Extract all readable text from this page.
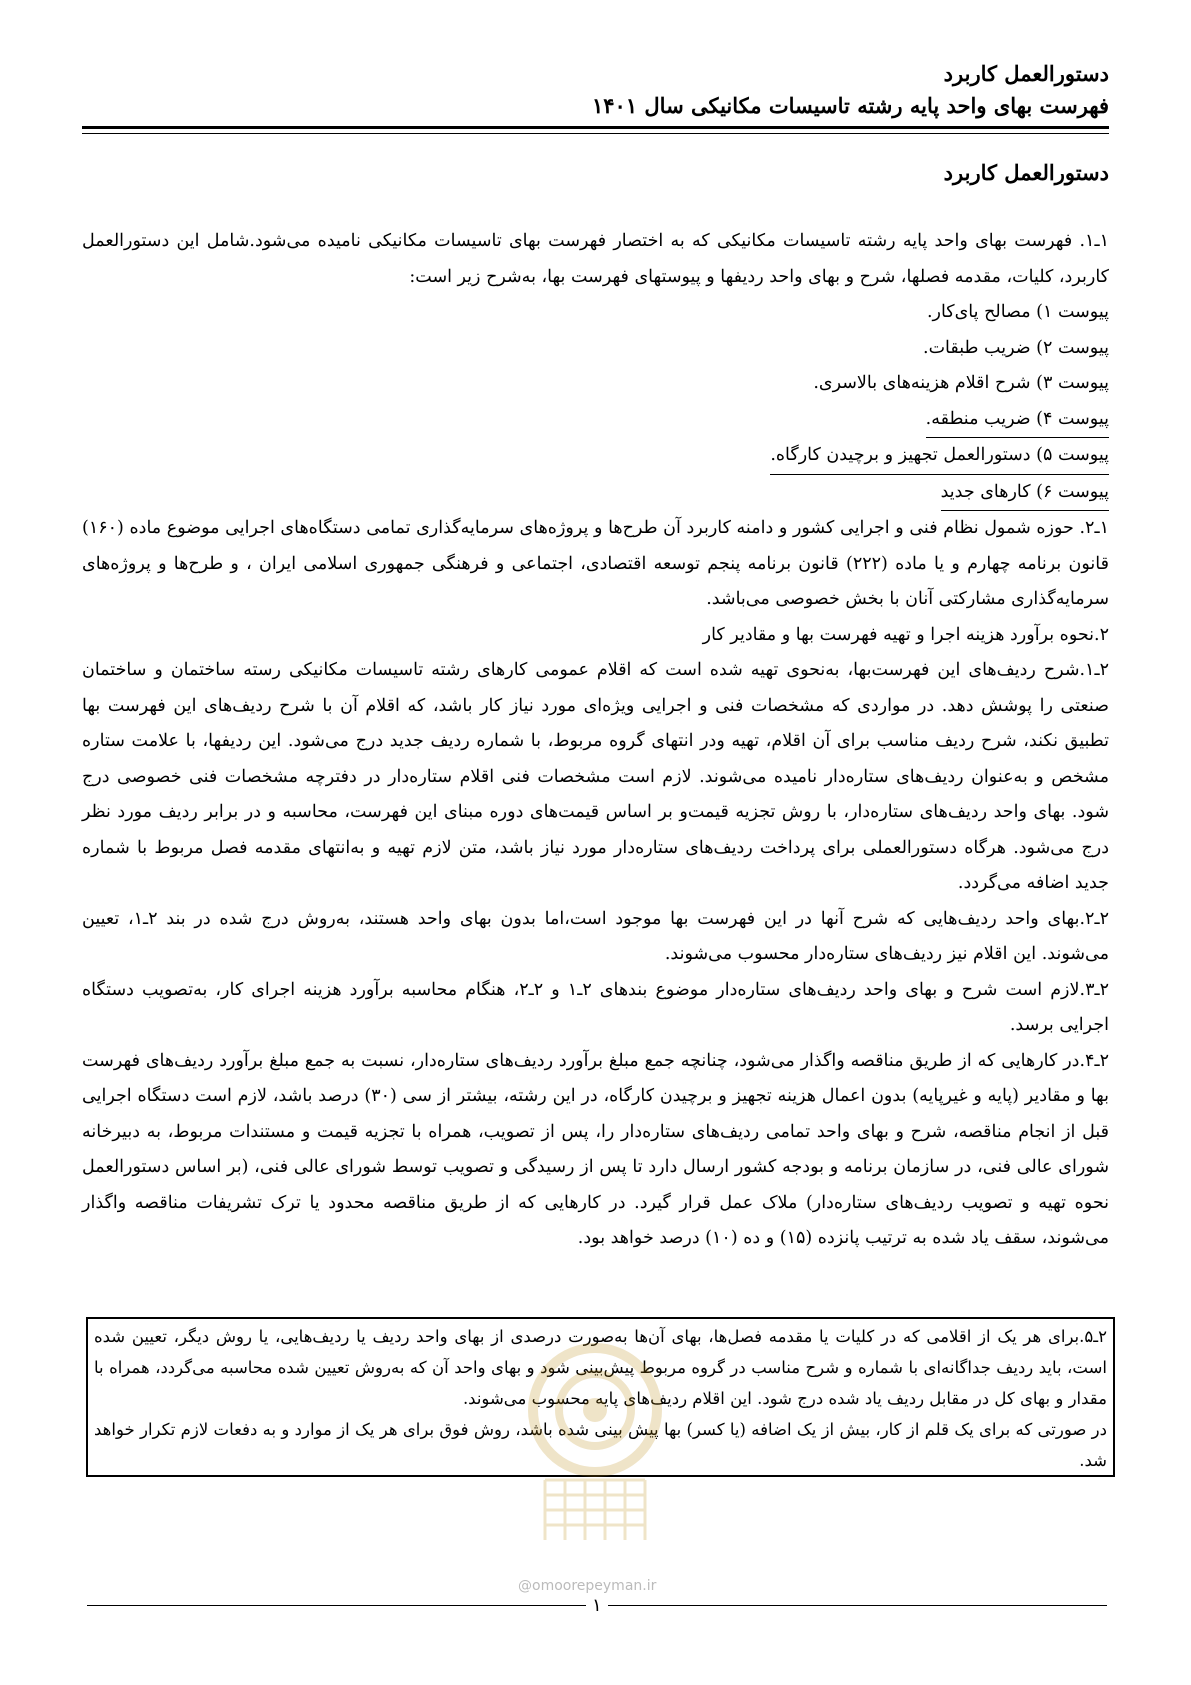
دستورالعمل کاربرد
فهرست بهای واحد پایه رشته تاسیسات مکانیکی سال ۱۴۰۱
دستورالعمل کاربرد

۱ـ۱. فهرست بهای واحد پایه رشته تاسیسات مکانیکی که به اختصار فهرست بهای تاسیسات مکانیکی نامیده می‌شود.شامل این دستورالعمل کاربرد، کلیات، مقدمه فصلها، شرح و بهای واحد ردیفها و پیوستهای فهرست بها، به‌شرح زیر است:

پیوست ۱) مصالح پای‌کار.
پیوست ۲) ضریب طبقات.
پیوست ۳) شرح اقلام هزینه‌های بالاسری.
پیوست ۴) ضریب منطقه.
پیوست ۵) دستورالعمل تجهیز و برچیدن کارگاه.
پیوست ۶) کارهای جدید

۱ـ۲. حوزه شمول نظام فنی و اجرایی کشور و دامنه کاربرد آن طرح‌ها و پروژه‌های سرمایه‌گذاری تمامی دستگاه‌های اجرایی موضوع ماده (۱۶۰) قانون برنامه چهارم و یا ماده (۲۲۲) قانون برنامه پنجم توسعه اقتصادی، اجتماعی و فرهنگی جمهوری اسلامی ایران ، و طرح‌ها و پروژه‌های سرمایه‌گذاری مشارکتی آنان با بخش خصوصی می‌باشد.

۲.نحوه برآورد هزینه اجرا و تهیه فهرست بها و مقادیر کار

۲ـ۱.شرح ردیف‌های این فهرست‌بها، به‌نحوی تهیه شده است که اقلام عمومی کارهای رشته تاسیسات مکانیکی رسته ساختمان و ساختمان صنعتی را پوشش دهد. در مواردی که مشخصات فنی و اجرایی ویژه‌ای مورد نیاز کار باشد، که اقلام آن با شرح ردیف‌های این فهرست بها تطبیق نکند، شرح ردیف مناسب برای آن اقلام، تهیه ودر انتهای گروه مربوط، با شماره ردیف جدید درج می‌شود. این ردیفها، با علامت ستاره مشخص و به‌عنوان ردیف‌های ستاره‌دار نامیده می‌شوند. لازم است مشخصات فنی اقلام ستاره‌دار در دفترچه مشخصات فنی خصوصی درج شود. بهای واحد ردیف‌های ستاره‌دار، با روش تجزیه قیمت‌و بر اساس قیمت‌های دوره مبنای این فهرست، محاسبه و در برابر ردیف مورد نظر درج می‌شود. هرگاه دستورالعملی برای پرداخت ردیف‌های ستاره‌دار مورد نیاز باشد، متن لازم تهیه و به‌انتهای مقدمه فصل مربوط با شماره جدید اضافه می‌گردد.

۲ـ۲.بهای واحد ردیف‌هایی که شرح آنها در این فهرست بها موجود است،اما بدون بهای واحد هستند، به‌روش درج شده در بند ۲ـ۱، تعیین می‌شوند. این اقلام نیز ردیف‌های ستاره‌دار محسوب می‌شوند.

۲ـ۳.لازم است شرح و بهای واحد ردیف‌های ستاره‌دار موضوع بندهای ۲ـ۱ و ۲ـ۲، هنگام محاسبه برآورد هزینه اجرای کار، به‌تصویب دستگاه اجرایی برسد.

۲ـ۴.در کارهایی که از طریق مناقصه واگذار می‌شود، چنانچه جمع مبلغ برآورد ردیف‌های ستاره‌دار، نسبت به جمع مبلغ برآورد ردیف‌های فهرست بها و مقادیر (پایه و غیرپایه) بدون اعمال هزینه تجهیز و برچیدن کارگاه، در این رشته، بیشتر از سی (۳۰) درصد باشد، لازم است دستگاه اجرایی قبل از انجام مناقصه، شرح و بهای واحد تمامی ردیف‌های ستاره‌دار را، پس از تصویب، همراه با تجزیه قیمت و مستندات مربوط، به دبیرخانه شورای عالی فنی، در سازمان برنامه و بودجه کشور ارسال دارد تا پس از رسیدگی و تصویب توسط شورای عالی فنی، (بر اساس دستورالعمل نحوه تهیه و تصویب ردیف‌های ستاره‌دار) ملاک عمل قرار گیرد. در کارهایی که از طریق مناقصه محدود یا ترک تشریفات مناقصه واگذار می‌شوند، سقف یاد شده به ترتیب پانزده (۱۵) و ده (۱۰) درصد خواهد بود.

۲ـ۵.برای هر یک از اقلامی که در کلیات یا مقدمه فصل‌ها، بهای آن‌ها به‌صورت درصدی از بهای واحد ردیف یا ردیف‌هایی، یا روش دیگر، تعیین شده است، باید ردیف جداگانه‌ای با شماره و شرح مناسب در گروه مربوط پیش‌بینی شود و بهای واحد آن که به‌روش تعیین شده محاسبه می‌گردد، همراه با مقدار و بهای کل در مقابل ردیف یاد شده درج شود. این اقلام ردیف‌های پایه محسوب می‌شوند.

در صورتی که برای یک قلم از کار، بیش از یک اضافه (یا کسر) بها پیش بینی شده باشد، روش فوق برای هر یک از موارد و به دفعات لازم تکرار خواهد شد.

@omoorepeyman.ir
۱
